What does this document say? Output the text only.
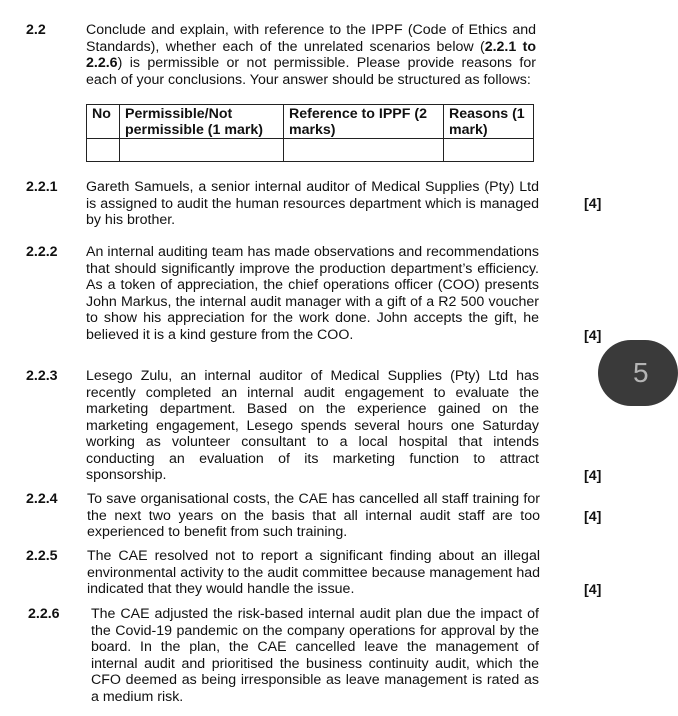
2.2	Conclude and explain, with reference to the IPPF (Code of Ethics and Standards), whether each of the unrelated scenarios below (2.2.1 to 2.2.6) is permissible or not permissible. Please provide reasons for each of your conclusions. Your answer should be structured as follows:
No	Permissible/Not permissible (1 mark)	Reference to IPPF (2 marks)	Reasons (1 mark)

2.2.1 Gareth Samuels, a senior internal auditor of Medical Supplies (Pty) Ltd is assigned to audit the human resources department which is managed by his brother.
[4]
2.2.2 An internal auditing team has made observations and recommendations that should significantly improve the production department’s efficiency. As a token of appreciation, the chief operations officer (COO) presents John Markus, the internal audit manager with a gift of a R2 500 voucher to show his appreciation for the work done. John accepts the gift, he believed it is a kind gesture from the COO.	[4]
2.2.3 Lesego Zulu, an internal auditor of Medical Supplies (Pty) Ltd has recently completed an internal audit engagement to evaluate the marketing department. Based on the experience gained on the marketing engagement, Lesego spends several hours one Saturday working as volunteer consultant to a local hospital that intends conducting an evaluation of its marketing function to attract sponsorship.	[4]
2.2.4 To save organisational costs, the CAE has cancelled all staff training for the next two years on the basis that all internal audit staff are too experienced to benefit from such training.
[4]
2.2.5 The CAE resolved not to report a significant finding about an illegal environmental activity to the audit committee because management had indicated that they would handle the issue.	[4]
2.2.6 The CAE adjusted the risk-based internal audit plan due the impact of the Covid-19 pandemic on the company operations for approval by the board. In the plan, the CAE cancelled leave the management of internal audit and prioritised the business continuity audit, which the CFO deemed as being irresponsible as leave management is rated as a medium risk.
5
